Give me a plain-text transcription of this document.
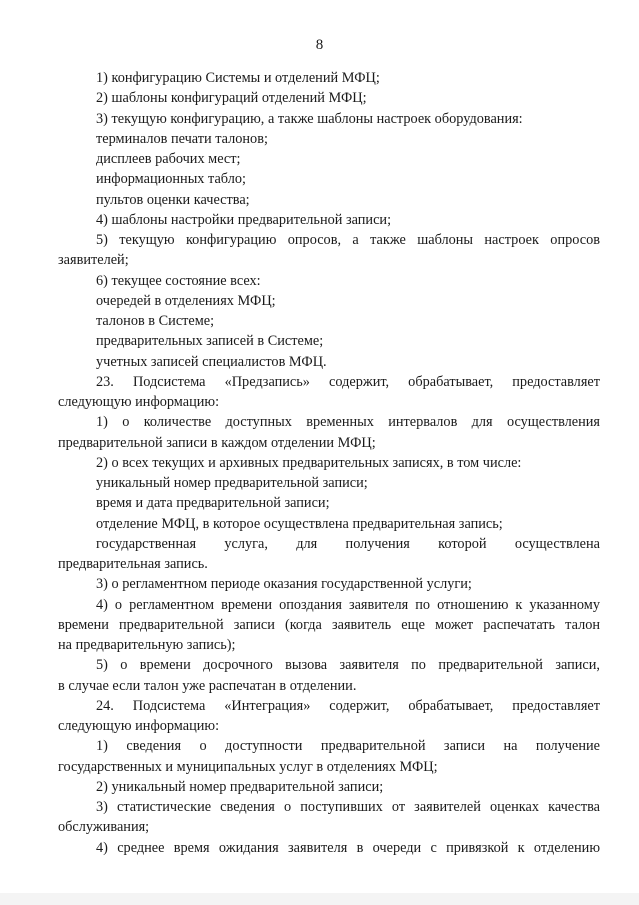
8
1) конфигурацию Системы и отделений МФЦ;
2) шаблоны конфигураций отделений МФЦ;
3) текущую конфигурацию, а также шаблоны настроек оборудования:
терминалов печати талонов;
дисплеев рабочих мест;
информационных табло;
пультов оценки качества;
4) шаблоны настройки предварительной записи;
5) текущую конфигурацию опросов, а также шаблоны настроек опросов
заявителей;
6) текущее состояние всех:
очередей в отделениях МФЦ;
талонов в Системе;
предварительных записей в Системе;
учетных записей специалистов МФЦ.
23. Подсистема «Предзапись» содержит, обрабатывает, предоставляет
следующую информацию:
1) о количестве доступных временных интервалов для осуществления
предварительной записи в каждом отделении МФЦ;
2) о всех текущих и архивных предварительных записях, в том числе:
уникальный номер предварительной записи;
время и дата предварительной записи;
отделение МФЦ, в которое осуществлена предварительная запись;
государственная услуга, для получения которой осуществлена
предварительная запись.
3) о регламентном периоде оказания государственной услуги;
4) о регламентном времени опоздания заявителя по отношению к указанному
времени предварительной записи (когда заявитель еще может распечатать талон
на предварительную запись);
5) о времени досрочного вызова заявителя по предварительной записи,
в случае если талон уже распечатан в отделении.
24. Подсистема «Интеграция» содержит, обрабатывает, предоставляет
следующую информацию:
1) сведения о доступности предварительной записи на получение
государственных и муниципальных услуг в отделениях МФЦ;
2) уникальный номер предварительной записи;
3) статистические сведения о поступивших от заявителей оценках качества
обслуживания;
4) среднее время ожидания заявителя в очереди с привязкой к отделению
